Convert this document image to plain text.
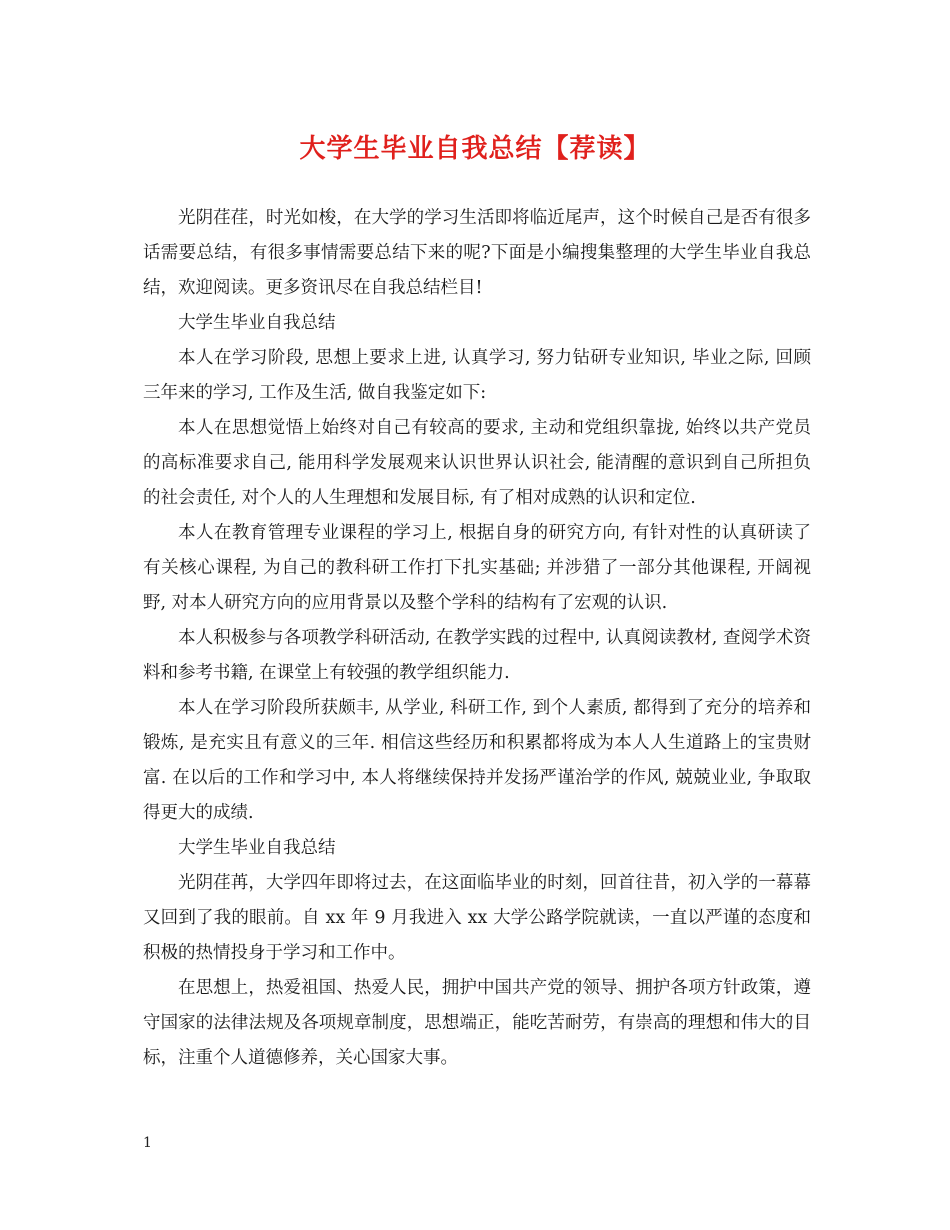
大学生毕业自我总结【荐读】

光阴荏荏，时光如梭，在大学的学习生活即将临近尾声，这个时候自己是否有很多话需要总结，有很多事情需要总结下来的呢?下面是小编搜集整理的大学生毕业自我总结，欢迎阅读。更多资讯尽在自我总结栏目!

大学生毕业自我总结

本人在学习阶段, 思想上要求上进, 认真学习, 努力钻研专业知识, 毕业之际, 回顾三年来的学习, 工作及生活, 做自我鉴定如下:

本人在思想觉悟上始终对自己有较高的要求, 主动和党组织靠拢, 始终以共产党员的高标准要求自己, 能用科学发展观来认识世界认识社会, 能清醒的意识到自己所担负的社会责任, 对个人的人生理想和发展目标, 有了相对成熟的认识和定位.

本人在教育管理专业课程的学习上, 根据自身的研究方向, 有针对性的认真研读了有关核心课程, 为自己的教科研工作打下扎实基础; 并涉猎了一部分其他课程, 开阔视野, 对本人研究方向的应用背景以及整个学科的结构有了宏观的认识.

本人积极参与各项教学科研活动, 在教学实践的过程中, 认真阅读教材, 查阅学术资料和参考书籍, 在课堂上有较强的教学组织能力.

本人在学习阶段所获颇丰, 从学业, 科研工作, 到个人素质, 都得到了充分的培养和锻炼, 是充实且有意义的三年. 相信这些经历和积累都将成为本人人生道路上的宝贵财富. 在以后的工作和学习中, 本人将继续保持并发扬严谨治学的作风, 兢兢业业, 争取取得更大的成绩.

大学生毕业自我总结

光阴荏苒，大学四年即将过去，在这面临毕业的时刻，回首往昔，初入学的一幕幕又回到了我的眼前。自 xx 年 9 月我进入 xx 大学公路学院就读，一直以严谨的态度和积极的热情投身于学习和工作中。

在思想上，热爱祖国、热爱人民，拥护中国共产党的领导、拥护各项方针政策，遵守国家的法律法规及各项规章制度，思想端正，能吃苦耐劳，有崇高的理想和伟大的目标，注重个人道德修养，关心国家大事。

1
